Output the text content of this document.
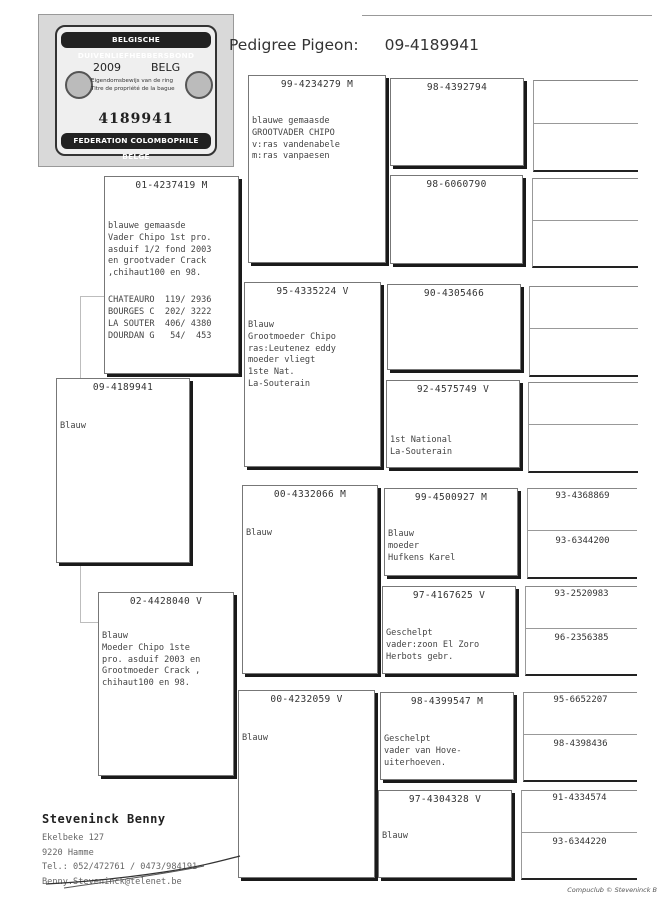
BELGISCHE DUIVENLIEFHEBBERSBOND
2009	BELG
Eigendomsbewijs van de ring
Titre de propriété de la bague
4189941
FEDERATION COLOMBOPHILE BELGE
Pedigree Pigeon: 09-4189941
09-4189941
Blauw
01-4237419 M
blauwe gemaasde
Vader Chipo 1st pro.
asduif 1/2 fond 2003
en grootvader Crack
,chihaut100 en 98.
CHATEAURO  119/ 2936
BOURGES C  202/ 3222
LA SOUTER  406/ 4380
DOURDAN G   54/  453
02-4428040 V
Blauw
Moeder Chipo 1ste
pro. asduif 2003 en
Grootmoeder Crack ,
chihaut100 en 98.
99-4234279 M
blauwe gemaasde
GROOTVADER CHIPO
v:ras vandenabele
m:ras vanpaesen
95-4335224 V
Blauw
Grootmoeder Chipo
ras:Leutenez eddy
moeder vliegt
1ste Nat.
La-Souterain
00-4332066 M
Blauw
00-4232059 V
Blauw
98-4392794
98-6060790
90-4305466
92-4575749 V
1st National
La-Souterain
99-4500927 M
Blauw
moeder
Hufkens Karel
97-4167625 V
Geschelpt
vader:zoon El Zoro
Herbots gebr.
98-4399547 M
Geschelpt
vader van Hove-
uiterhoeven.
97-4304328 V
Blauw
93-4368869
93-6344200
93-2520983
96-2356385
95-6652207
98-4398436
91-4334574
93-6344220
Steveninck Benny
Ekelbeke 127
9220 Hamme
Tel.: 052/472761 / 0473/984191
Benny.Steveninck@telenet.be
Compuclub © Steveninck B
